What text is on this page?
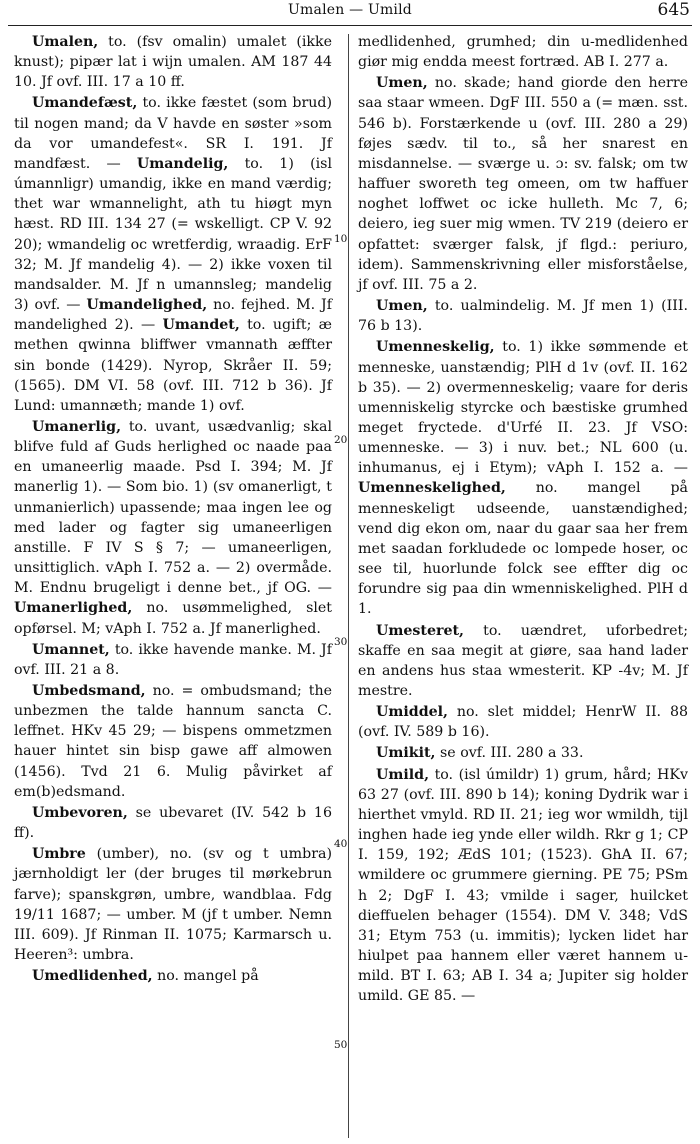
Umalen — Umild	645
10
20
30
40
50

Umalen, to. (fsv omalin) umalet (ikke knust); pipær lat i wijn umalen. AM 187 44 10. Jf ovf. III. 17 a 10 ff.

Umandefæst, to. ikke fæstet (som brud) til nogen mand; da V havde en søster »som da vor umandefest«. SR I. 191. Jf mandfæst. — Umandelig, to. 1) (isl úmannligr) umandig, ikke en mand værdig; thet war wmannelight, ath tu hiøgt myn hæst. RD III. 134 27 (= wskelligt. CP V. 92 20); wmandelig oc wretferdig, wraadig. ErF 32; M. Jf mandelig 4). — 2) ikke voxen til mandsalder. M. Jf n umannsleg; mandelig 3) ovf. — Umandelighed, no. fejhed. M. Jf mandelighed 2). — Umandet, to. ugift; æ methen qwinna bliffwer vmannath æffter sin bonde (1429). Nyrop, Skråer II. 59; (1565). DM VI. 58 (ovf. III. 712 b 36). Jf Lund: umannæth; mande 1) ovf.

Umanerlig, to. uvant, usædvanlig; skal blifve fuld af Guds herlighed oc naade paa en umaneerlig maade. Psd I. 394; M. Jf manerlig 1). — Som bio. 1) (sv omanerligt, t unmanierlich) upassende; maa ingen lee og med lader og fagter sig umaneerligen anstille. F IV S § 7; — umaneerligen, unsittiglich. vAph I. 752 a. — 2) overmåde. M. Endnu brugeligt i denne bet., jf OG. — Umanerlighed, no. usømmelighed, slet opførsel. M; vAph I. 752 a. Jf manerlighed.

Umannet, to. ikke havende manke. M. Jf ovf. III. 21 a 8.

Umbedsmand, no. = ombudsmand; the unbezmen the talde hannum sancta C. leffnet. HKv 45 29; — bispens ommetzmen hauer hintet sin bisp gawe aff almowen (1456). Tvd 21 6. Mulig påvirket af em(b)edsmand.

Umbevoren, se ubevaret (IV. 542 b 16 ff).

Umbre (umber), no. (sv og t umbra) jærnholdigt ler (der bruges til mørkebrun farve); spanskgrøn, umbre, wandblaa. Fdg 19/11 1687; — umber. M (jf t umber. Nemn III. 609). Jf Rinman II. 1075; Karmarsch u. Heeren³: umbra.

Umedlidenhed, no. mangel på

medlidenhed, grumhed; din u-medlidenhed giør mig endda meest fortræd. AB I. 277 a.

Umen, no. skade; hand giorde den herre saa staar wmeen. DgF III. 550 a (= mæn. sst. 546 b). Forstærkende u (ovf. III. 280 a 29) føjes sædv. til to., så her snarest en misdannelse. — sværge u. ɔ: sv. falsk; om tw haffuer sworeth teg omeen, om tw haffuer noghet loffwet oc icke hulleth. Mc 7, 6; deiero, ieg suer mig wmen. TV 219 (deiero er opfattet: sværger falsk, jf flgd.: periuro, idem). Sammenskrivning eller misforståelse, jf ovf. III. 75 a 2.

Umen, to. ualmindelig. M. Jf men 1) (III. 76 b 13).

Umenneskelig, to. 1) ikke sømmende et menneske, uanstændig; PlH d 1v (ovf. II. 162 b 35). — 2) overmenneskelig; vaare for deris umenniskelig styrcke och bæstiske grumhed meget fryctede. d'Urfé II. 23. Jf VSO: umenneske. — 3) i nuv. bet.; NL 600 (u. inhumanus, ej i Etym); vAph I. 152 a. — Umenneskelighed, no. mangel på menneskeligt udseende, uanstændighed; vend dig ekon om, naar du gaar saa her frem met saadan forkludede oc lompede hoser, oc see til, huorlunde folck see effter dig oc forundre sig paa din wmenniskelighed. PlH d 1.

Umesteret, to. uændret, uforbedret; skaffe en saa megit at giøre, saa hand lader en andens hus staa wmesterit. KP -4v; M. Jf mestre.

Umiddel, no. slet middel; HenrW II. 88 (ovf. IV. 589 b 16).

Umikit, se ovf. III. 280 a 33.

Umild, to. (isl úmildr) 1) grum, hård; HKv 63 27 (ovf. III. 890 b 14); koning Dydrik war i hierthet vmyld. RD II. 21; ieg wor wmildh, tijl inghen hade ieg ynde eller wildh. Rkr g 1; CP I. 159, 192; ÆdS 101; (1523). GhA II. 67; wmildere oc grummere gierning. PE 75; PSm h 2; DgF I. 43; vmilde i sager, huilcket dieffuelen behager (1554). DM V. 348; VdS 31; Etym 753 (u. immitis); lycken lidet har hiulpet paa hannem eller været hannem u-mild. BT I. 63; AB I. 34 a; Jupiter sig holder umild. GE 85. —
